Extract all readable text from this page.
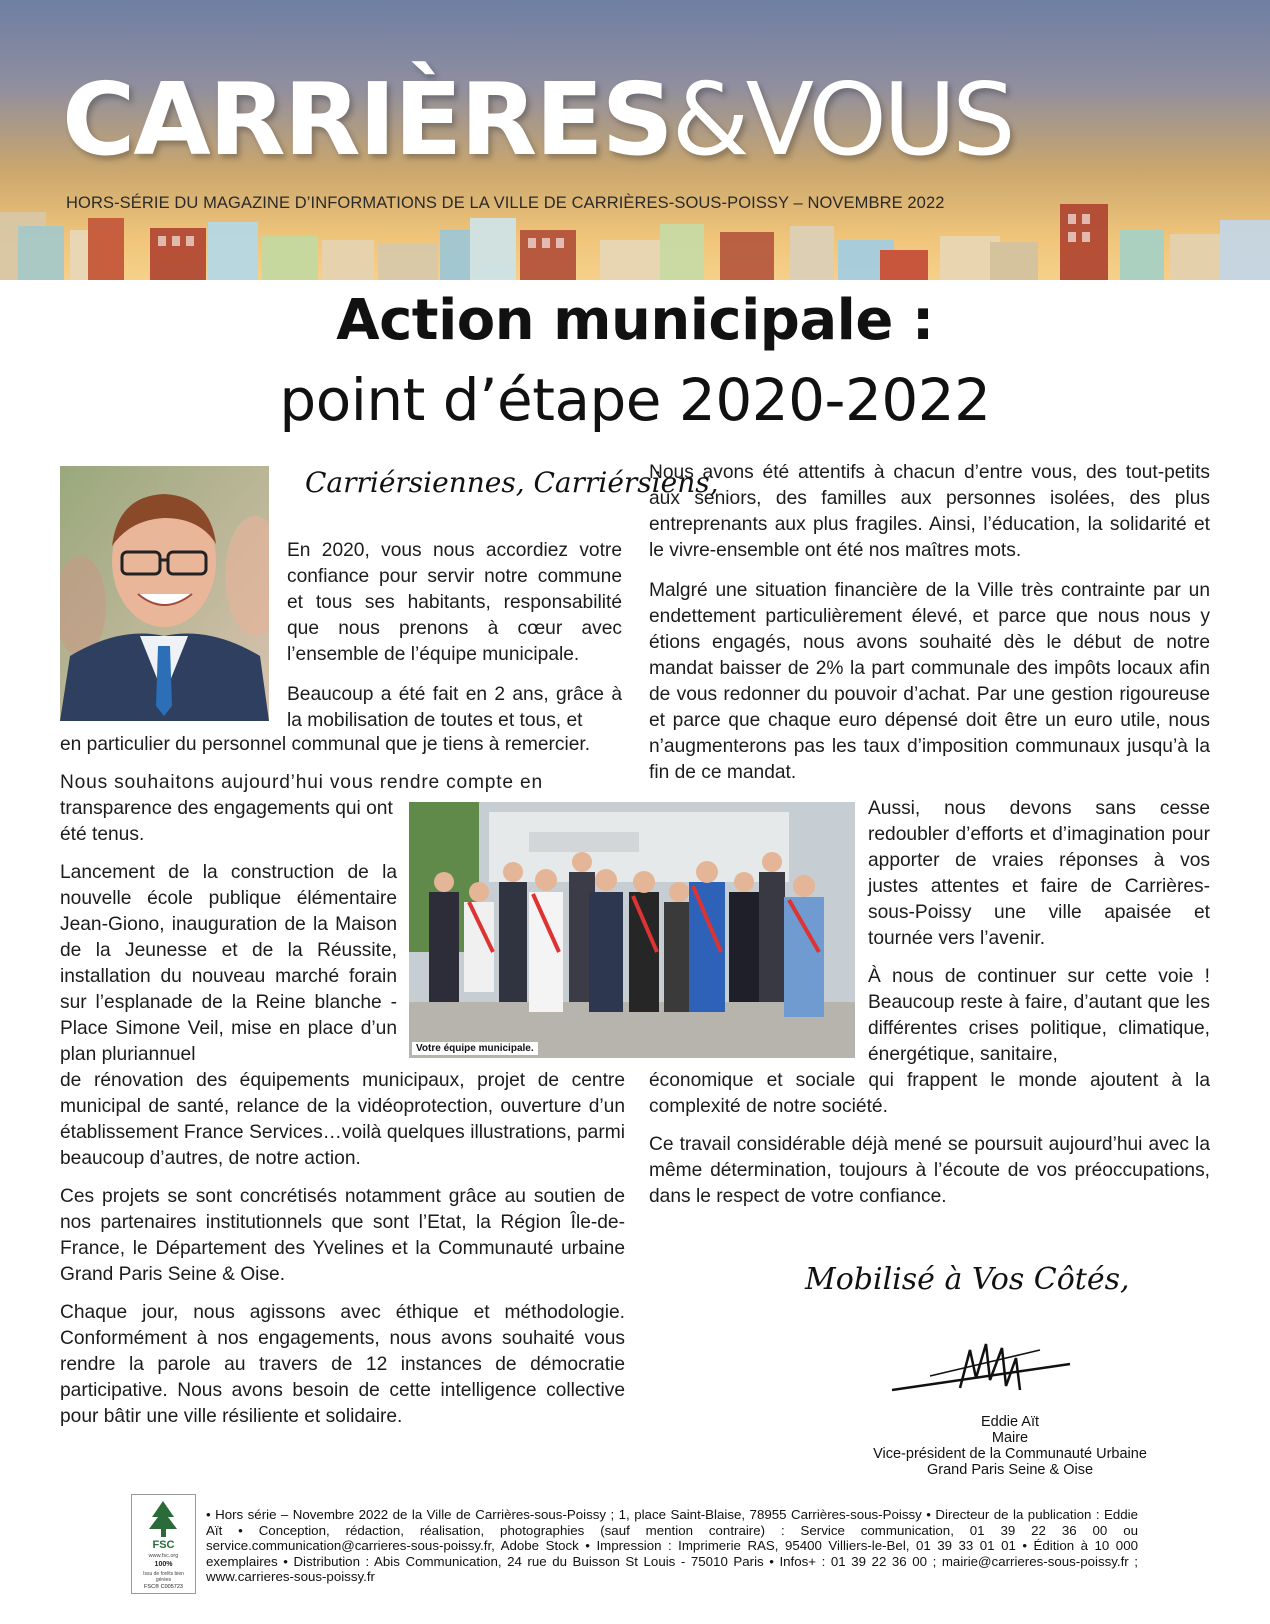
CARRIÈRES&VOUS
HORS-SÉRIE DU MAGAZINE D’INFORMATIONS DE LA VILLE DE CARRIÈRES-SOUS-POISSY – NOVEMBRE 2022
Action municipale :
point d’étape 2020-2022
Carriérsiennes, Carriérsiens,

En 2020, vous nous accordiez votre confiance pour servir notre commune et tous ses habitants, responsabilité que nous prenons à cœur avec l’ensemble de l’équipe municipale.

Beaucoup a été fait en 2 ans, grâce à la mobilisation de toutes et tous, et

en particulier du personnel communal que je tiens à remercier.

Nous souhaitons aujourd’hui vous rendre compte en

transparence des engagements qui ont été tenus.

Lancement de la construction de la nouvelle école publique élémentaire Jean-Giono, inauguration de la Maison de la Jeunesse et de la Réussite, installation du nouveau marché forain sur l’esplanade de la Reine blanche - Place Simone Veil, mise en place d’un plan pluriannuel

de rénovation des équipements municipaux, projet de centre municipal de santé, relance de la vidéoprotection, ouverture d’un établissement France Services…voilà quelques illustrations, parmi beaucoup d’autres, de notre action.

Ces projets se sont concrétisés notamment grâce au soutien de nos partenaires institutionnels que sont l’Etat, la Région Île-de-France, le Département des Yvelines et la Communauté urbaine Grand Paris Seine & Oise.

Chaque jour, nous agissons avec éthique et méthodologie. Conformément à nos engagements, nous avons souhaité vous rendre la parole au travers de 12 instances de démocratie participative. Nous avons besoin de cette intelligence collective pour bâtir une ville résiliente et solidaire.

Votre équipe municipale.

Nous avons été attentifs à chacun d’entre vous, des tout-petits aux seniors, des familles aux personnes isolées, des plus entreprenants aux plus fragiles. Ainsi, l’éducation, la solidarité et le vivre-ensemble ont été nos maîtres mots.

Malgré une situation financière de la Ville très contrainte par un endettement particulièrement élevé, et parce que nous nous y étions engagés, nous avons souhaité dès le début de notre mandat baisser de 2% la part communale des impôts locaux afin de vous redonner du pouvoir d’achat. Par une gestion rigoureuse et parce que chaque euro dépensé doit être un euro utile, nous n’augmenterons pas les taux d’imposition communaux jusqu’à la fin de ce mandat.

Aussi, nous devons sans cesse redoubler d’efforts et d’imagination pour apporter de vraies réponses à vos justes attentes et faire de Carrières-sous-Poissy une ville apaisée et tournée vers l’avenir.

À nous de continuer sur cette voie ! Beaucoup reste à faire, d’autant que les différentes crises politique, climatique, énergétique, sanitaire,

économique et sociale qui frappent le monde ajoutent à la complexité de notre société.

Ce travail considérable déjà mené se poursuit aujourd’hui avec la même détermination, toujours à l’écoute de vos préoccupations, dans le respect de votre confiance.

Mobilisé à Vos Côtés,
Eddie Aït
Maire
Vice-président de la Communauté Urbaine
Grand Paris Seine & Oise
FSC
www.fsc.org
100%
Issu de forêts bien gérées
FSC® C005723
• Hors série – Novembre 2022 de la Ville de Carrières-sous-Poissy ; 1, place Saint-Blaise, 78955 Carrières-sous-Poissy • Directeur de la publication : Eddie Aït • Conception, rédaction, réalisation, photographies (sauf mention contraire) : Service communication, 01 39 22 36 00 ou service.communication@carrieres-sous-poissy.fr, Adobe Stock • Impression : Imprimerie RAS, 95400 Villiers-le-Bel, 01 39 33 01 01 • Édition à 10 000 exemplaires • Distribution : Abis Communication, 24 rue du Buisson St Louis - 75010 Paris • Infos+ : 01 39 22 36 00 ; mairie@carrieres-sous-poissy.fr ; www.carrieres-sous-poissy.fr
